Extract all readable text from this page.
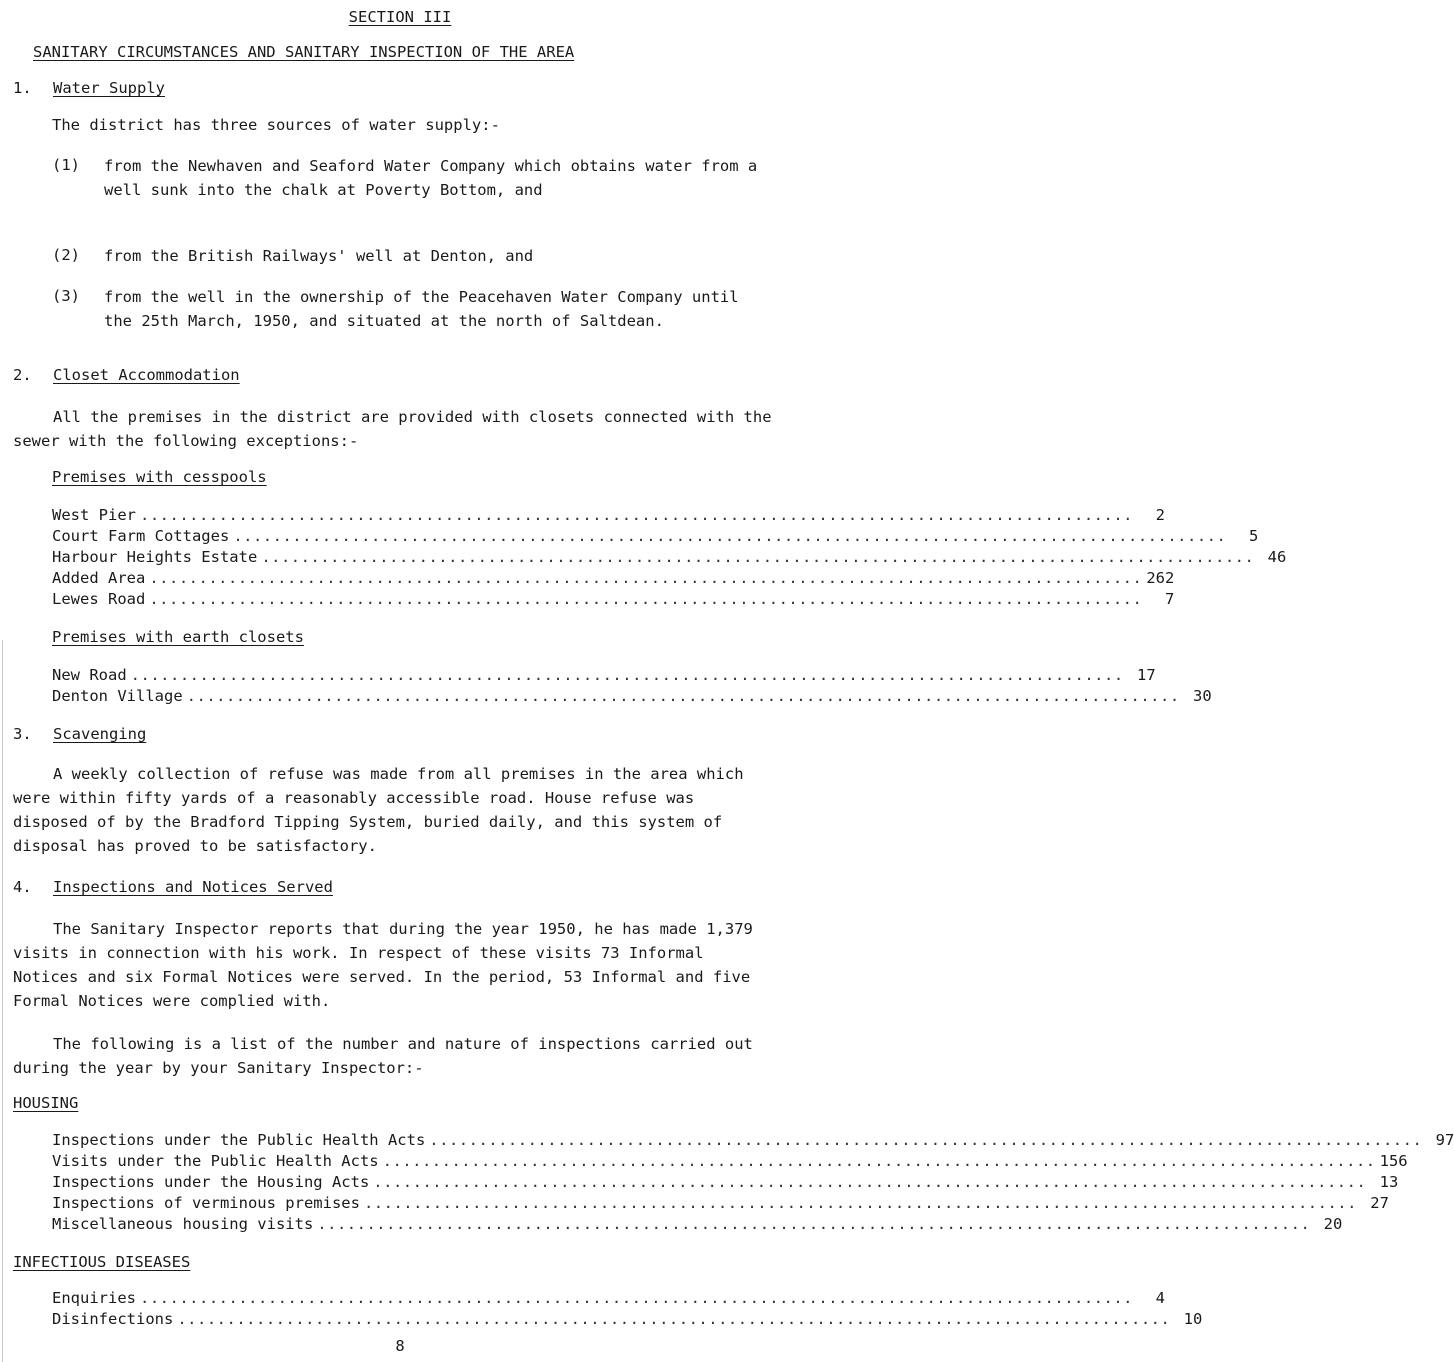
SECTION III
SANITARY CIRCUMSTANCES AND SANITARY INSPECTION OF THE AREA
1. Water Supply
The district has three sources of water supply:-
(1) from the Newhaven and Seaford Water Company which obtains water from a well sunk into the chalk at Poverty Bottom, and
(2) from the British Railways' well at Denton, and
(3) from the well in the ownership of the Peacehaven Water Company until the 25th March, 1950, and situated at the north of Saltdean.
2. Closet Accommodation
All the premises in the district are provided with closets connected with the sewer with the following exceptions:-
Premises with cesspools
West Pier .....................................................................................................	2
Court Farm Cottages .....................................................................................................	5
Harbour Heights Estate ..................................................................................................... 46
Added Area ..................................................................................................... 262
Lewes Road .....................................................................................................	7
Premises with earth closets
New Road ..................................................................................................... 17
Denton Village ..................................................................................................... 30
3. Scavenging
A weekly collection of refuse was made from all premises in the area which were within fifty yards of a reasonably accessible road. House refuse was disposed of by the Bradford Tipping System, buried daily, and this system of disposal has proved to be satisfactory.
4. Inspections and Notices Served
The Sanitary Inspector reports that during the year 1950, he has made 1,379 visits in connection with his work. In respect of these visits 73 Informal Notices and six Formal Notices were served. In the period, 53 Informal and five Formal Notices were complied with.
The following is a list of the number and nature of inspections carried out during the year by your Sanitary Inspector:-
HOUSING
Inspections under the Public Health Acts ..................................................................................................... 97
Visits under the Public Health Acts ..................................................................................................... 156
Inspections under the Housing Acts ..................................................................................................... 13
Inspections of verminous premises ..................................................................................................... 27
Miscellaneous housing visits ..................................................................................................... 20
INFECTIOUS DISEASES
Enquiries .....................................................................................................	4
Disinfections ..................................................................................................... 10
8
